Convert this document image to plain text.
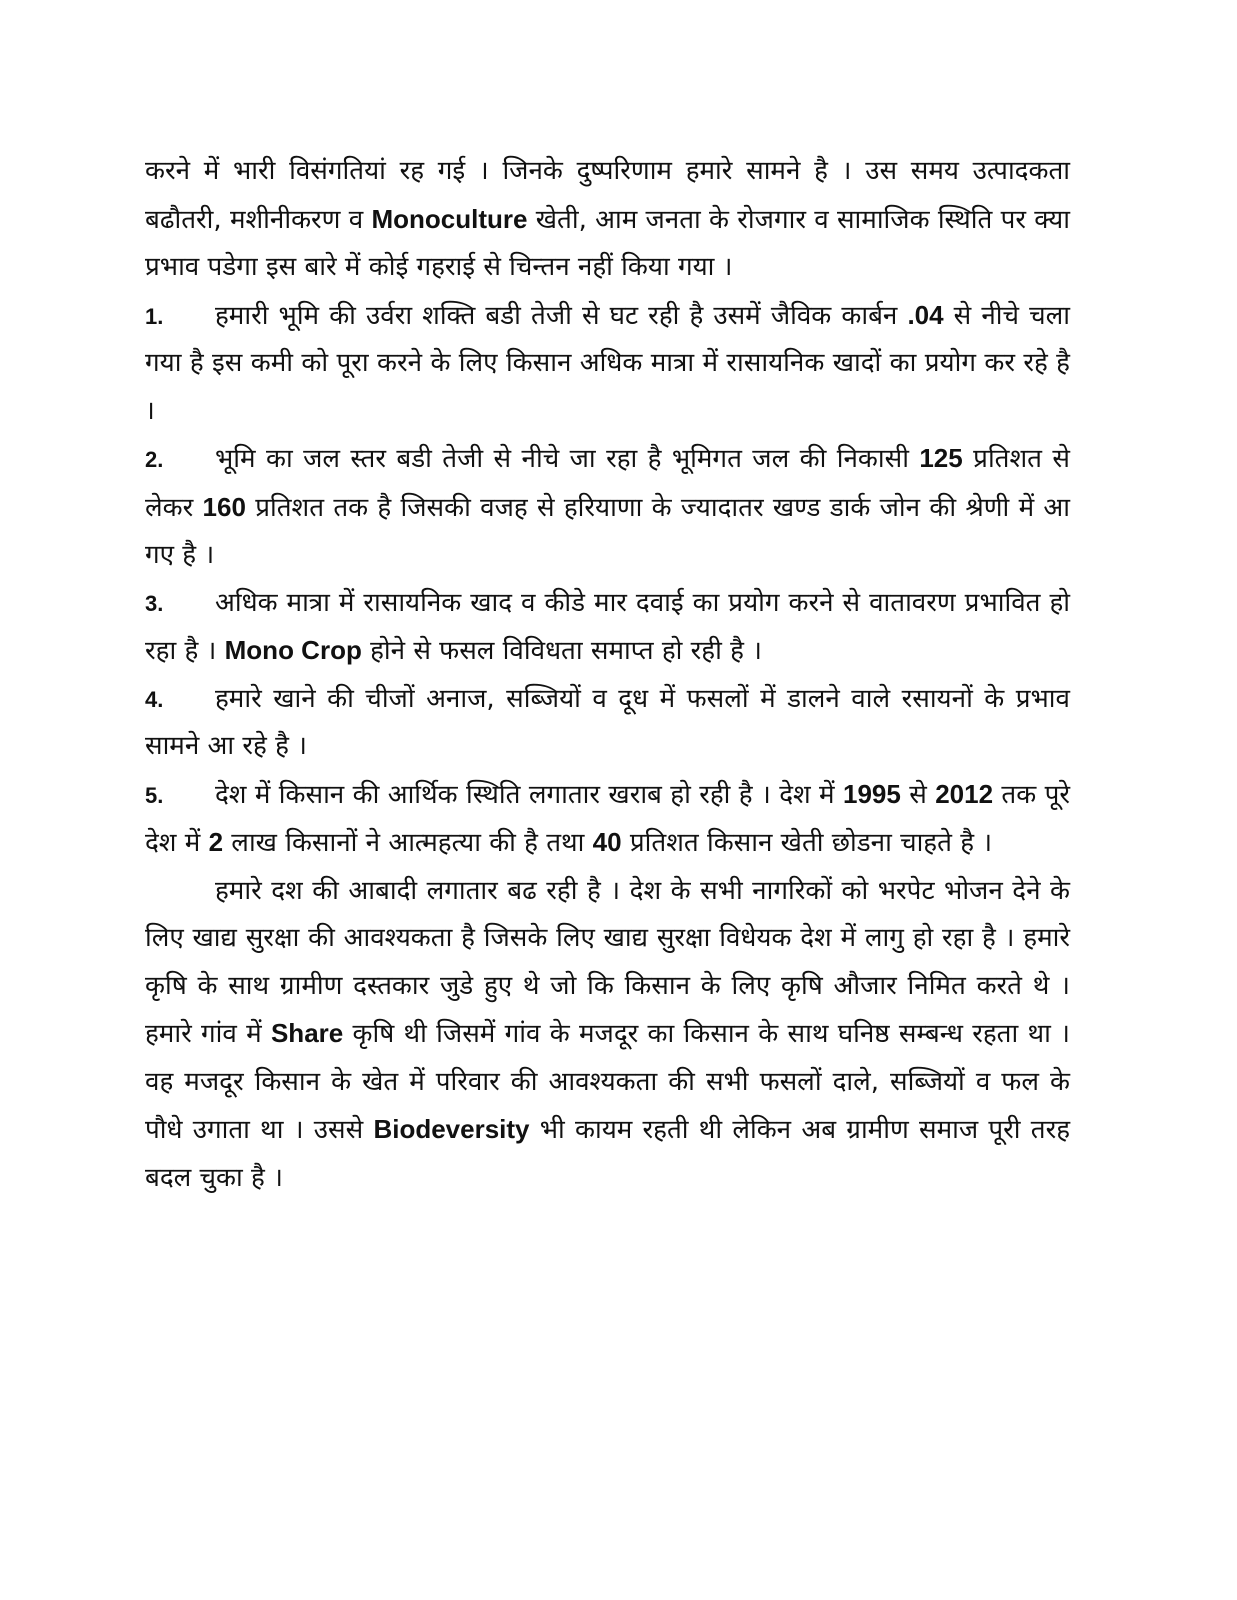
करने में भारी विसंगतियां रह गई । जिनके दुष्परिणाम हमारे सामने है । उस समय उत्पादकता बढौतरी, मशीनीकरण व Monoculture खेती, आम जनता के रोजगार व सामाजिक स्थिति पर क्या प्रभाव पडेगा इस बारे में कोई गहराई से चिन्तन नहीं किया गया ।

1. हमारी भूमि की उर्वरा शक्ति बडी तेजी से घट रही है उसमें जैविक कार्बन .04 से नीचे चला गया है इस कमी को पूरा करने के लिए किसान अधिक मात्रा में रासायनिक खादों का प्रयोग कर रहे है ।

2. भूमि का जल स्तर बडी तेजी से नीचे जा रहा है भूमिगत जल की निकासी 125 प्रतिशत से लेकर 160 प्रतिशत तक है जिसकी वजह से हरियाणा के ज्यादातर खण्ड डार्क जोन की श्रेणी में आ गए है ।

3. अधिक मात्रा में रासायनिक खाद व कीडे मार दवाई का प्रयोग करने से वातावरण प्रभावित हो रहा है । Mono Crop होने से फसल विविधता समाप्त हो रही है ।

4. हमारे खाने की चीजों अनाज, सब्जियों व दूध में फसलों में डालने वाले रसायनों के प्रभाव सामने आ रहे है ।

5. देश में किसान की आर्थिक स्थिति लगातार खराब हो रही है । देश में 1995 से 2012 तक पूरे देश में 2 लाख किसानों ने आत्महत्या की है तथा 40 प्रतिशत किसान खेती छोडना चाहते है ।

हमारे दश की आबादी लगातार बढ रही है । देश के सभी नागरिकों को भरपेट भोजन देने के लिए खाद्य सुरक्षा की आवश्यकता है जिसके लिए खाद्य सुरक्षा विधेयक देश में लागु हो रहा है । हमारे कृषि के साथ ग्रामीण दस्तकार जुडे हुए थे जो कि किसान के लिए कृषि औजार निमित करते थे । हमारे गांव में Share कृषि थी जिसमें गांव के मजदूर का किसान के साथ घनिष्ठ सम्बन्ध रहता था । वह मजदूर किसान के खेत में परिवार की आवश्यकता की सभी फसलों दाले, सब्जियों व फल के पौधे उगाता था । उससे Biodeversity भी कायम रहती थी लेकिन अब ग्रामीण समाज पूरी तरह बदल चुका है ।
